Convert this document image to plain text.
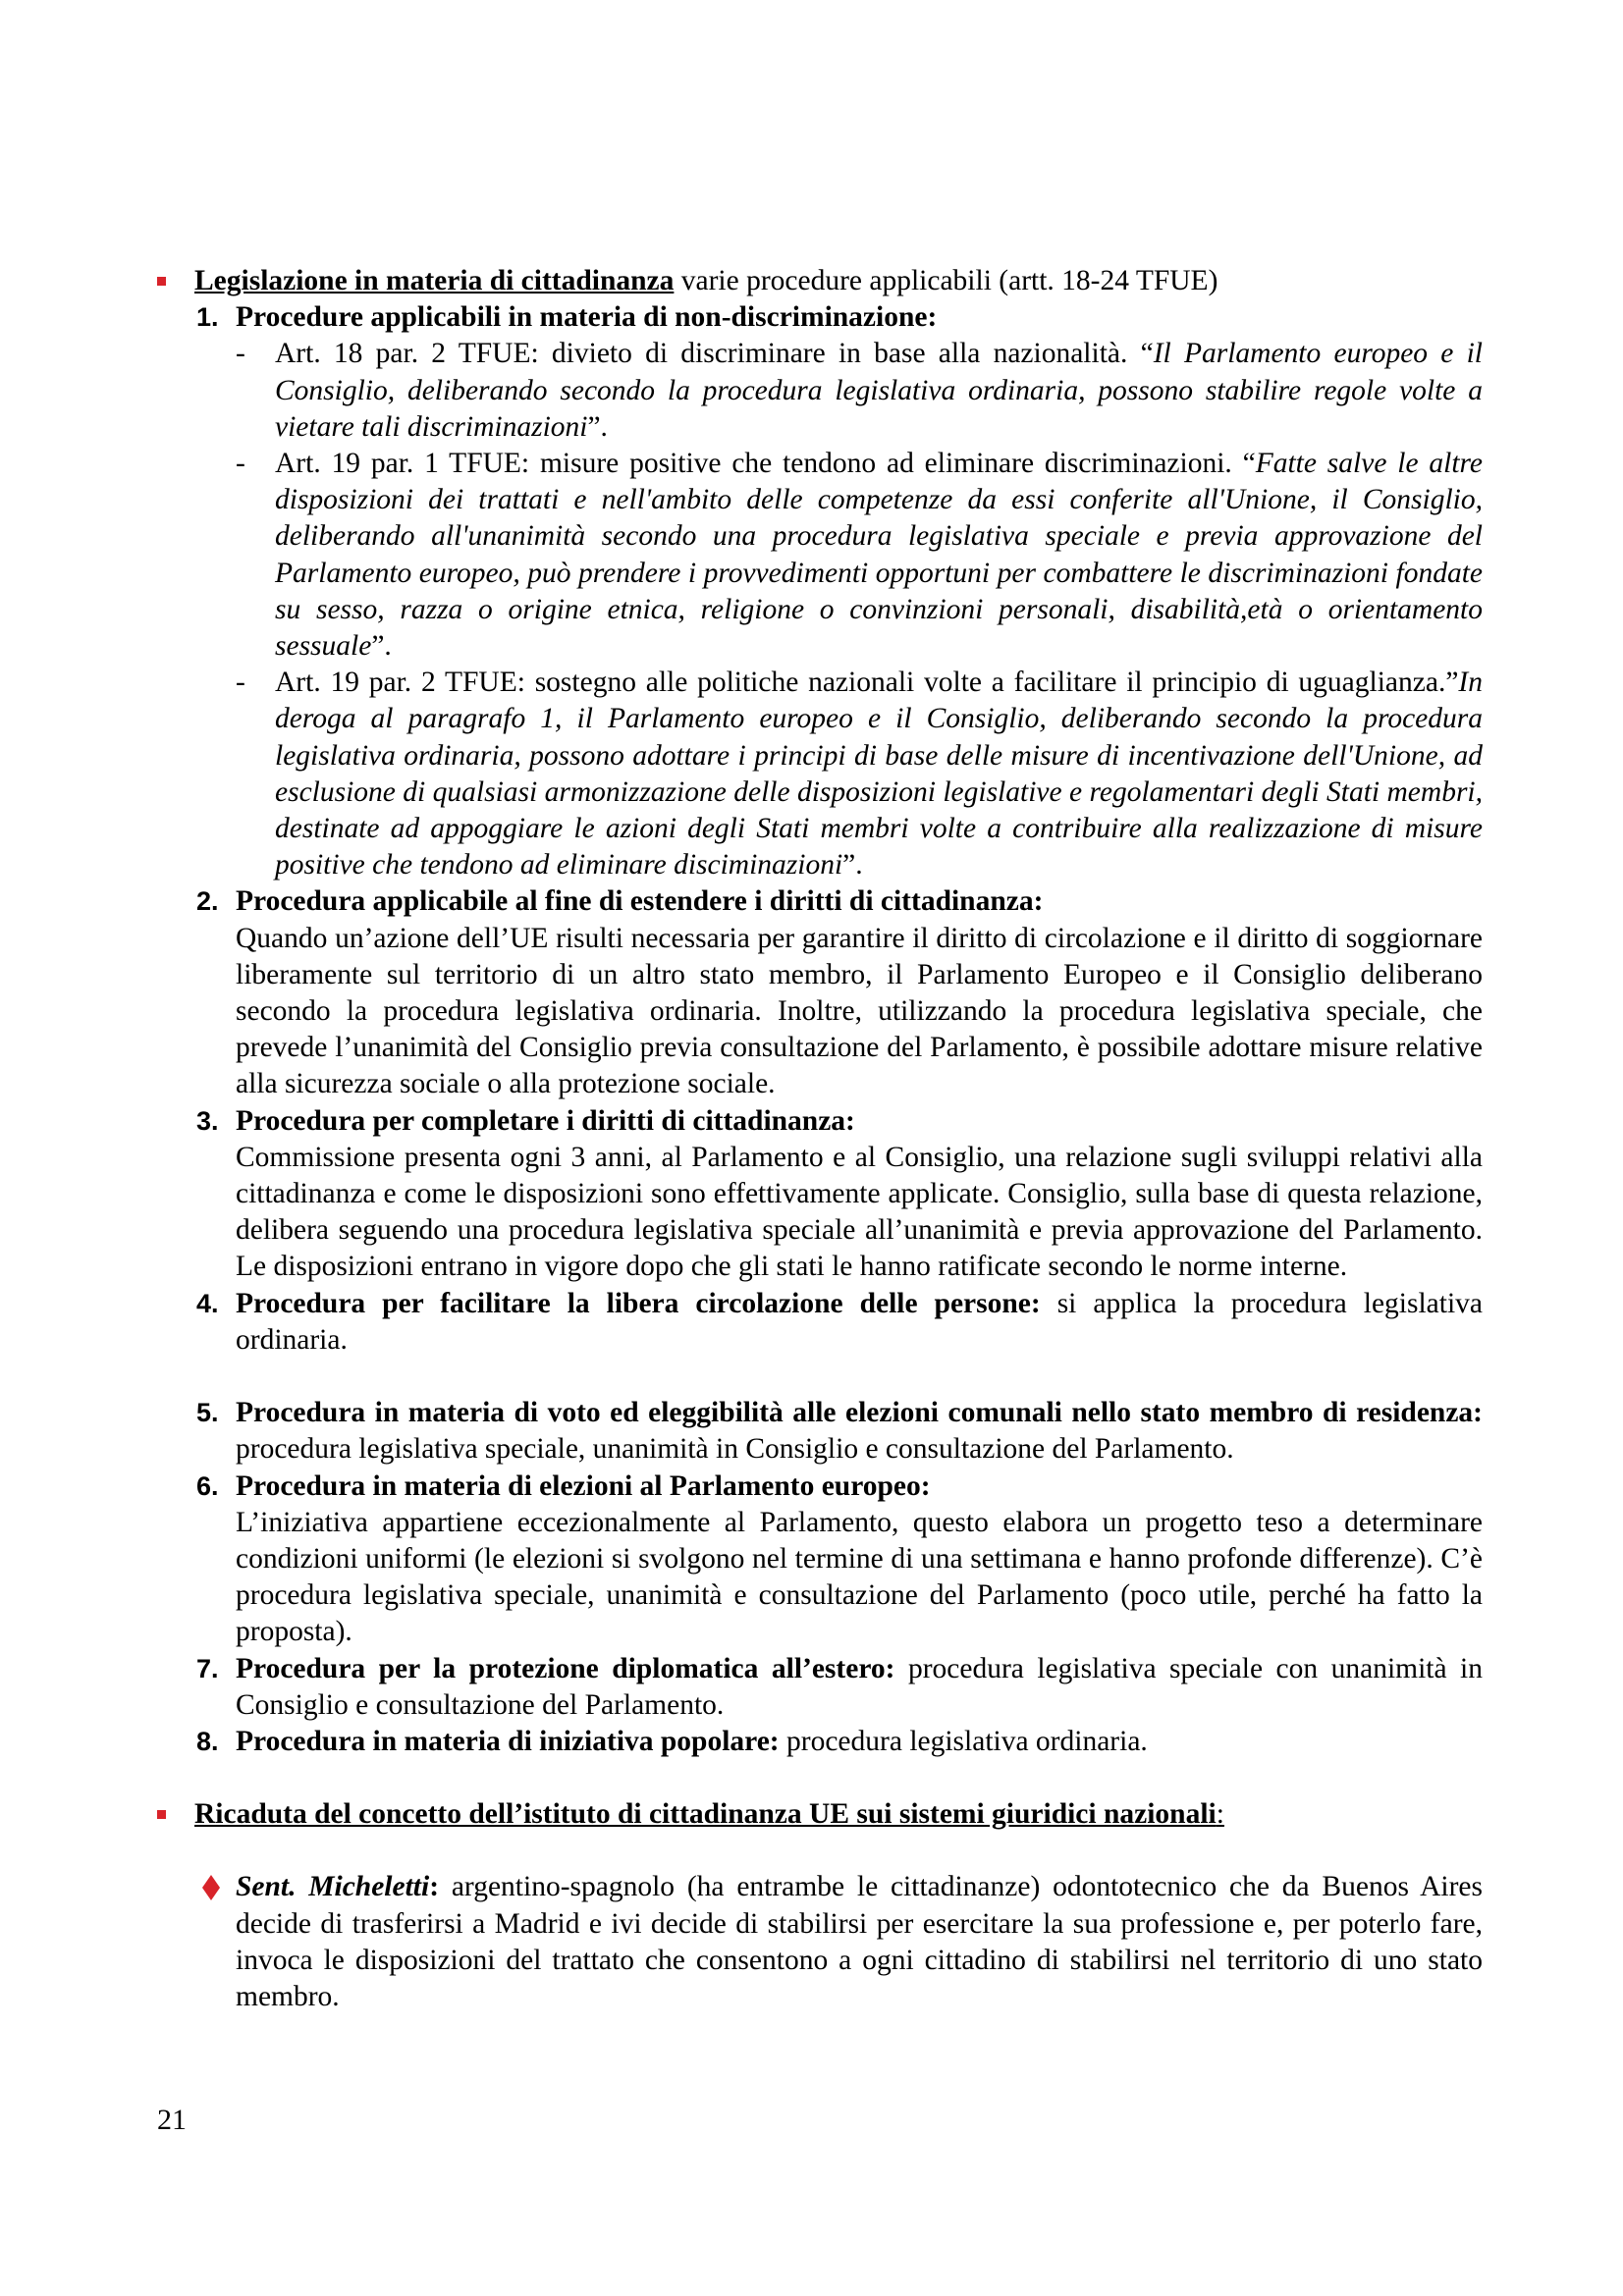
Legislazione in materia di cittadinanza varie procedure applicabili (artt. 18-24 TFUE)
1. Procedure applicabili in materia di non-discriminazione:
- Art. 18 par. 2 TFUE: divieto di discriminare in base alla nazionalità. “Il Parlamento europeo e il Consiglio, deliberando secondo la procedura legislativa ordinaria, possono stabilire regole volte a vietare tali discriminazioni”.
- Art. 19 par. 1 TFUE: misure positive che tendono ad eliminare discriminazioni. “Fatte salve le altre disposizioni dei trattati e nell'ambito delle competenze da essi conferite all'Unione, il Consiglio, deliberando all'unanimità secondo una procedura legislativa speciale e previa approvazione del Parlamento europeo, può prendere i provvedimenti opportuni per combattere le discriminazioni fondate su sesso, razza o origine etnica, religione o convinzioni personali, disabilità,età o orientamento sessuale”.
- Art. 19 par. 2 TFUE: sostegno alle politiche nazionali volte a facilitare il principio di uguaglianza.”In deroga al paragrafo 1, il Parlamento europeo e il Consiglio, deliberando secondo la procedura legislativa ordinaria, possono adottare i principi di base delle misure di incentivazione dell'Unione, ad esclusione di qualsiasi armonizzazione delle disposizioni legislative e regolamentari degli Stati membri, destinate ad appoggiare le azioni degli Stati membri volte a contribuire alla realizzazione di misure positive che tendono ad eliminare disciminazioni”.
2. Procedura applicabile al fine di estendere i diritti di cittadinanza:
Quando un’azione dell’UE risulti necessaria per garantire il diritto di circolazione e il diritto di soggiornare liberamente sul territorio di un altro stato membro, il Parlamento Europeo e il Consiglio deliberano secondo la procedura legislativa ordinaria. Inoltre, utilizzando la procedura legislativa speciale, che prevede l’unanimità del Consiglio previa consultazione del Parlamento, è possibile adottare misure relative alla sicurezza sociale o alla protezione sociale.
3. Procedura per completare i diritti di cittadinanza:
Commissione presenta ogni 3 anni, al Parlamento e al Consiglio, una relazione sugli sviluppi relativi alla cittadinanza e come le disposizioni sono effettivamente applicate. Consiglio, sulla base di questa relazione, delibera seguendo una procedura legislativa speciale all’unanimità e previa approvazione del Parlamento. Le disposizioni entrano in vigore dopo che gli stati le hanno ratificate secondo le norme interne.
4. Procedura per facilitare la libera circolazione delle persone: si applica la procedura legislativa ordinaria.
5. Procedura in materia di voto ed eleggibilità alle elezioni comunali nello stato membro di residenza: procedura legislativa speciale, unanimità in Consiglio e consultazione del Parlamento.
6. Procedura in materia di elezioni al Parlamento europeo:
L’iniziativa appartiene eccezionalmente al Parlamento, questo elabora un progetto teso a determinare condizioni uniformi (le elezioni si svolgono nel termine di una settimana e hanno profonde differenze). C’è procedura legislativa speciale, unanimità e consultazione del Parlamento (poco utile, perché ha fatto la proposta).
7. Procedura per la protezione diplomatica all’estero: procedura legislativa speciale con unanimità in Consiglio e consultazione del Parlamento.
8. Procedura in materia di iniziativa popolare: procedura legislativa ordinaria.
Ricaduta del concetto dell’istituto di cittadinanza UE sui sistemi giuridici nazionali:
Sent. Micheletti: argentino-spagnolo (ha entrambe le cittadinanze) odontotecnico che da Buenos Aires decide di trasferirsi a Madrid e ivi decide di stabilirsi per esercitare la sua professione e, per poterlo fare, invoca le disposizioni del trattato che consentono a ogni cittadino di stabilirsi nel territorio di uno stato membro.
21
